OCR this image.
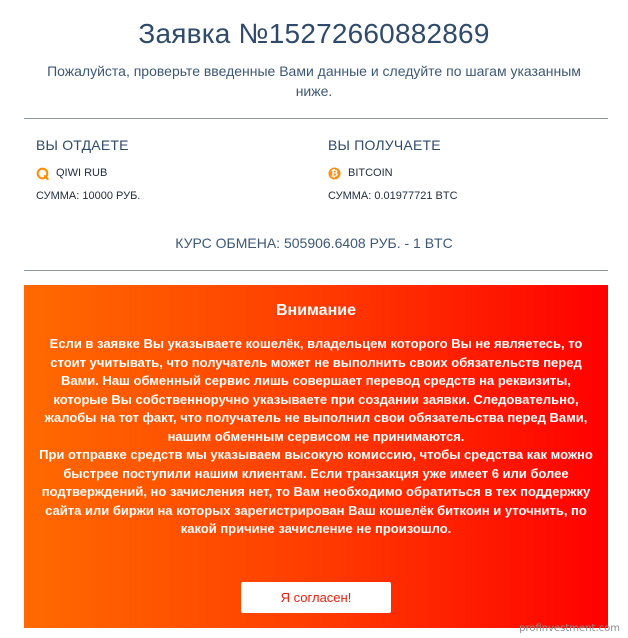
Заявка №15272660882869
Пожалуйста, проверьте введенные Вами данные и следуйте по шагам указанным ниже.
ВЫ ОТДАЕТЕ
QIWI RUB
СУММА: 10000 РУБ.
ВЫ ПОЛУЧАЕТЕ
₿ BITCOIN
СУММА: 0.01977721 BTC
КУРС ОБМЕНА: 505906.6408 РУБ. - 1 BTC
Внимание
Если в заявке Вы указываете кошелёк, владельцем которого Вы не являетесь, то стоит учитывать, что получатель может не выполнить своих обязательств перед Вами. Наш обменный сервис лишь совершает перевод средств на реквизиты, которые Вы собственноручно указываете при создании заявки. Следовательно, жалобы на тот факт, что получатель не выполнил свои обязательства перед Вами, нашим обменным сервисом не принимаются.
При отправке средств мы указываем высокую комиссию, чтобы средства как можно быстрее поступили нашим клиентам. Если транзакция уже имеет 6 или более подтверждений, но зачисления нет, то Вам необходимо обратиться в тех поддержку сайта или биржи на которых зарегистрирован Ваш кошелёк биткоин и уточнить, по какой причине зачисление не произошло.
Я согласен!
profinvestment.com
